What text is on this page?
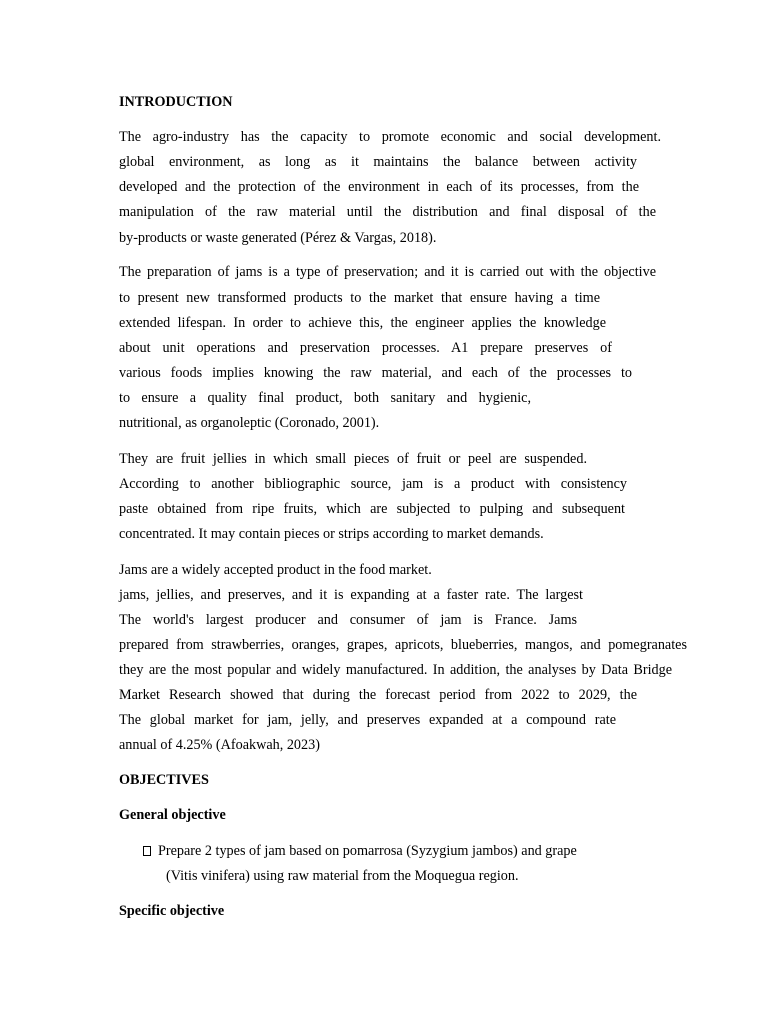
INTRODUCTION
The agro-industry has the capacity to promote economic and social development.
global environment, as long as it maintains the balance between activity
developed and the protection of the environment in each of its processes, from the
manipulation of the raw material until the distribution and final disposal of the
by-products or waste generated (Pérez & Vargas, 2018).
The preparation of jams is a type of preservation; and it is carried out with the objective
to present new transformed products to the market that ensure having a time
extended lifespan. In order to achieve this, the engineer applies the knowledge
about unit operations and preservation processes. A1 prepare preserves of
various foods implies knowing the raw material, and each of the processes to
to ensure a quality final product, both sanitary and hygienic,
nutritional, as organoleptic (Coronado, 2001).
They are fruit jellies in which small pieces of fruit or peel are suspended.
According to another bibliographic source, jam is a product with consistency
paste obtained from ripe fruits, which are subjected to pulping and subsequent
concentrated. It may contain pieces or strips according to market demands.
Jams are a widely accepted product in the food market.
jams, jellies, and preserves, and it is expanding at a faster rate. The largest
The world's largest producer and consumer of jam is France. Jams
prepared from strawberries, oranges, grapes, apricots, blueberries, mangos, and pomegranates
they are the most popular and widely manufactured. In addition, the analyses by Data Bridge
Market Research showed that during the forecast period from 2022 to 2029, the
The global market for jam, jelly, and preserves expanded at a compound rate
annual of 4.25% (Afoakwah, 2023)
OBJECTIVES
General objective
Prepare 2 types of jam based on pomarrosa (Syzygium jambos) and grape
(Vitis vinifera) using raw material from the Moquegua region.
Specific objective
